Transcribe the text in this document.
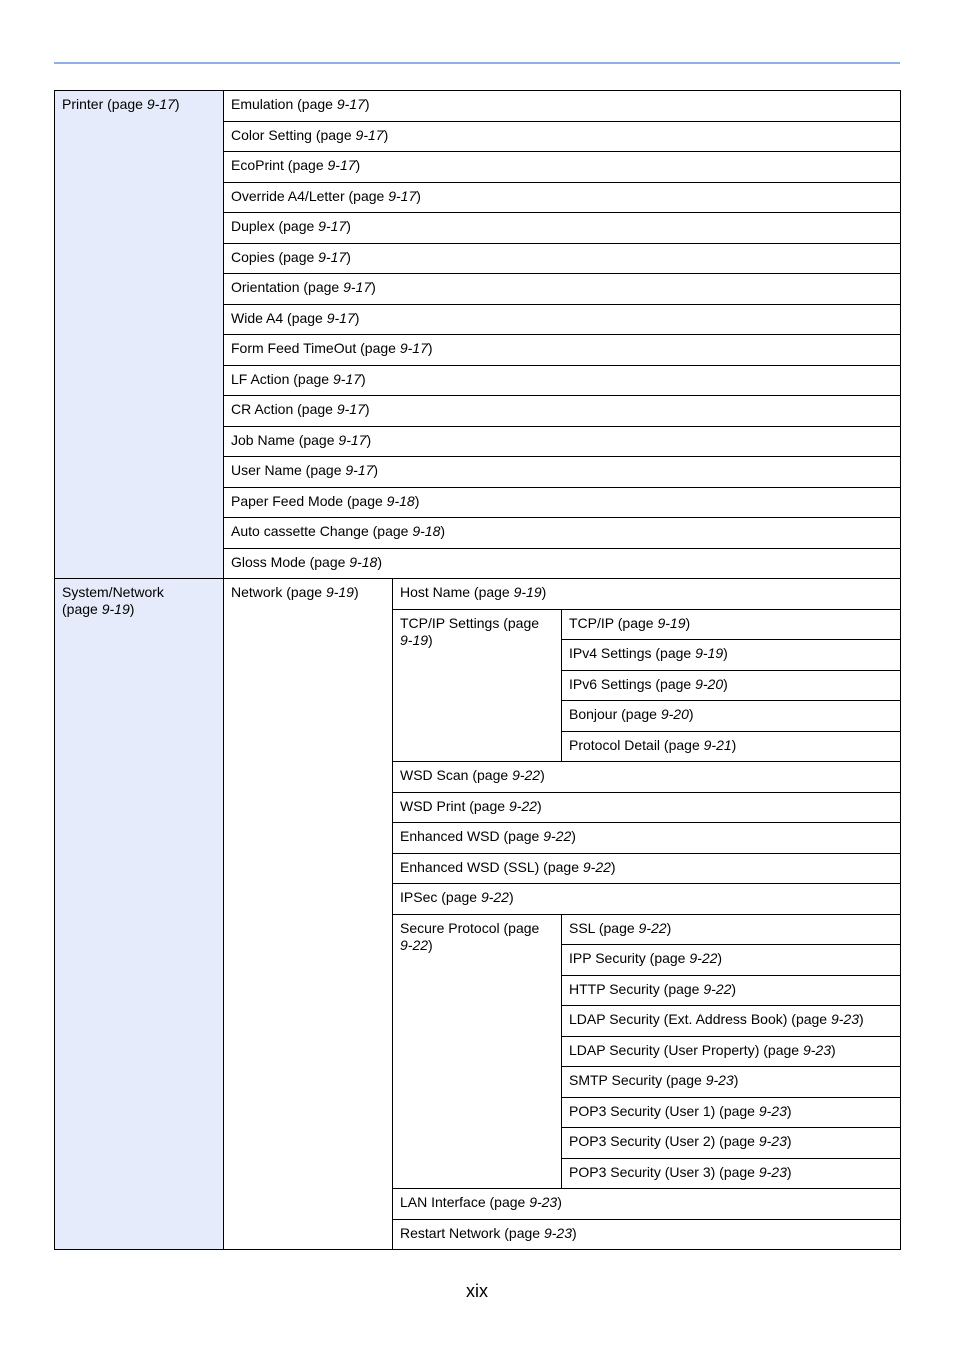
Printer (page 9-17)	Emulation (page 9-17)		
	Color Setting (page 9-17)		
	EcoPrint (page 9-17)		
	Override A4/Letter (page 9-17)		
	Duplex (page 9-17)		
	Copies (page 9-17)		
	Orientation (page 9-17)		
	Wide A4 (page 9-17)		
	Form Feed TimeOut (page 9-17)		
	LF Action (page 9-17)		
	CR Action (page 9-17)		
	Job Name (page 9-17)		
	User Name (page 9-17)		
	Paper Feed Mode (page 9-18)		
	Auto cassette Change (page 9-18)		
	Gloss Mode (page 9-18)		
System/Network
(page 9-19)	Network (page 9-19)	Host Name (page 9-19)	
		TCP/IP Settings (page 9-19)	TCP/IP (page 9-19)
			IPv4 Settings (page 9-19)
			IPv6 Settings (page 9-20)
			Bonjour (page 9-20)
			Protocol Detail (page 9-21)
		WSD Scan (page 9-22)	
		WSD Print (page 9-22)	
		Enhanced WSD (page 9-22)	
		Enhanced WSD (SSL) (page 9-22)	
		IPSec (page 9-22)	
		Secure Protocol (page 9-22)	SSL (page 9-22)
			IPP Security (page 9-22)
			HTTP Security (page 9-22)
			LDAP Security (Ext. Address Book) (page 9-23)
			LDAP Security (User Property) (page 9-23)
			SMTP Security (page 9-23)
			POP3 Security (User 1) (page 9-23)
			POP3 Security (User 2) (page 9-23)
			POP3 Security (User 3) (page 9-23)
		LAN Interface (page 9-23)	
		Restart Network (page 9-23)	
xix
